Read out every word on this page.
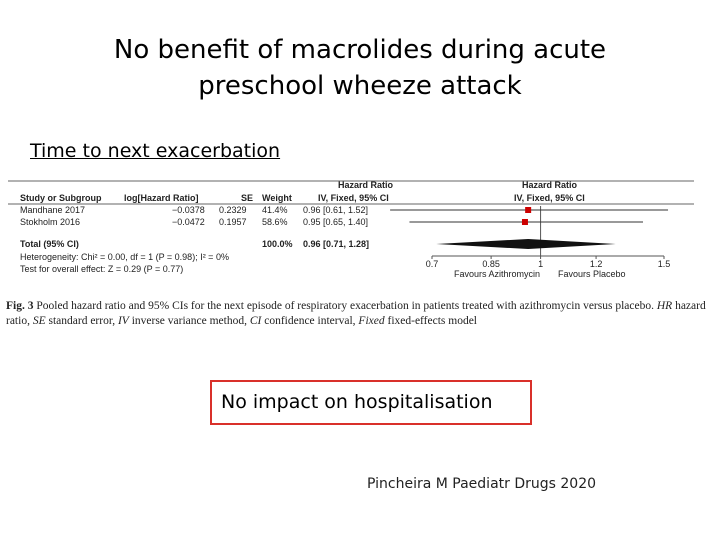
No benefit of macrolides during acute
preschool wheeze attack
Time to next exacerbation
Hazard Ratio
IV, Fixed, 95% CI
Hazard Ratio
IV, Fixed, 95% CI
Study or Subgroup	log[Hazard Ratio]	SE Weight
Mandhane 2017	−0.0378 0.2329 41.4% 0.96 [0.61, 1.52]
Stokholm 2016	−0.0472 0.1957 58.6% 0.95 [0.65, 1.40]
Total (95% CI)	100.0% 0.96 [0.71, 1.28]
Heterogeneity: Chi² = 0.00, df = 1 (P = 0.98); I² = 0%
Test for overall effect: Z = 0.29 (P = 0.77)	0.7	0.85	1	1.2	1.5
Favours Azithromycin Favours Placebo
Fig. 3 Pooled hazard ratio and 95% CIs for the next episode of respiratory exacerbation in patients treated with azithromycin versus placebo. HR hazard ratio, SE standard error, IV inverse variance method, CI confidence interval, Fixed fixed-effects model
No impact on hospitalisation
Pincheira M Paediatr Drugs 2020
